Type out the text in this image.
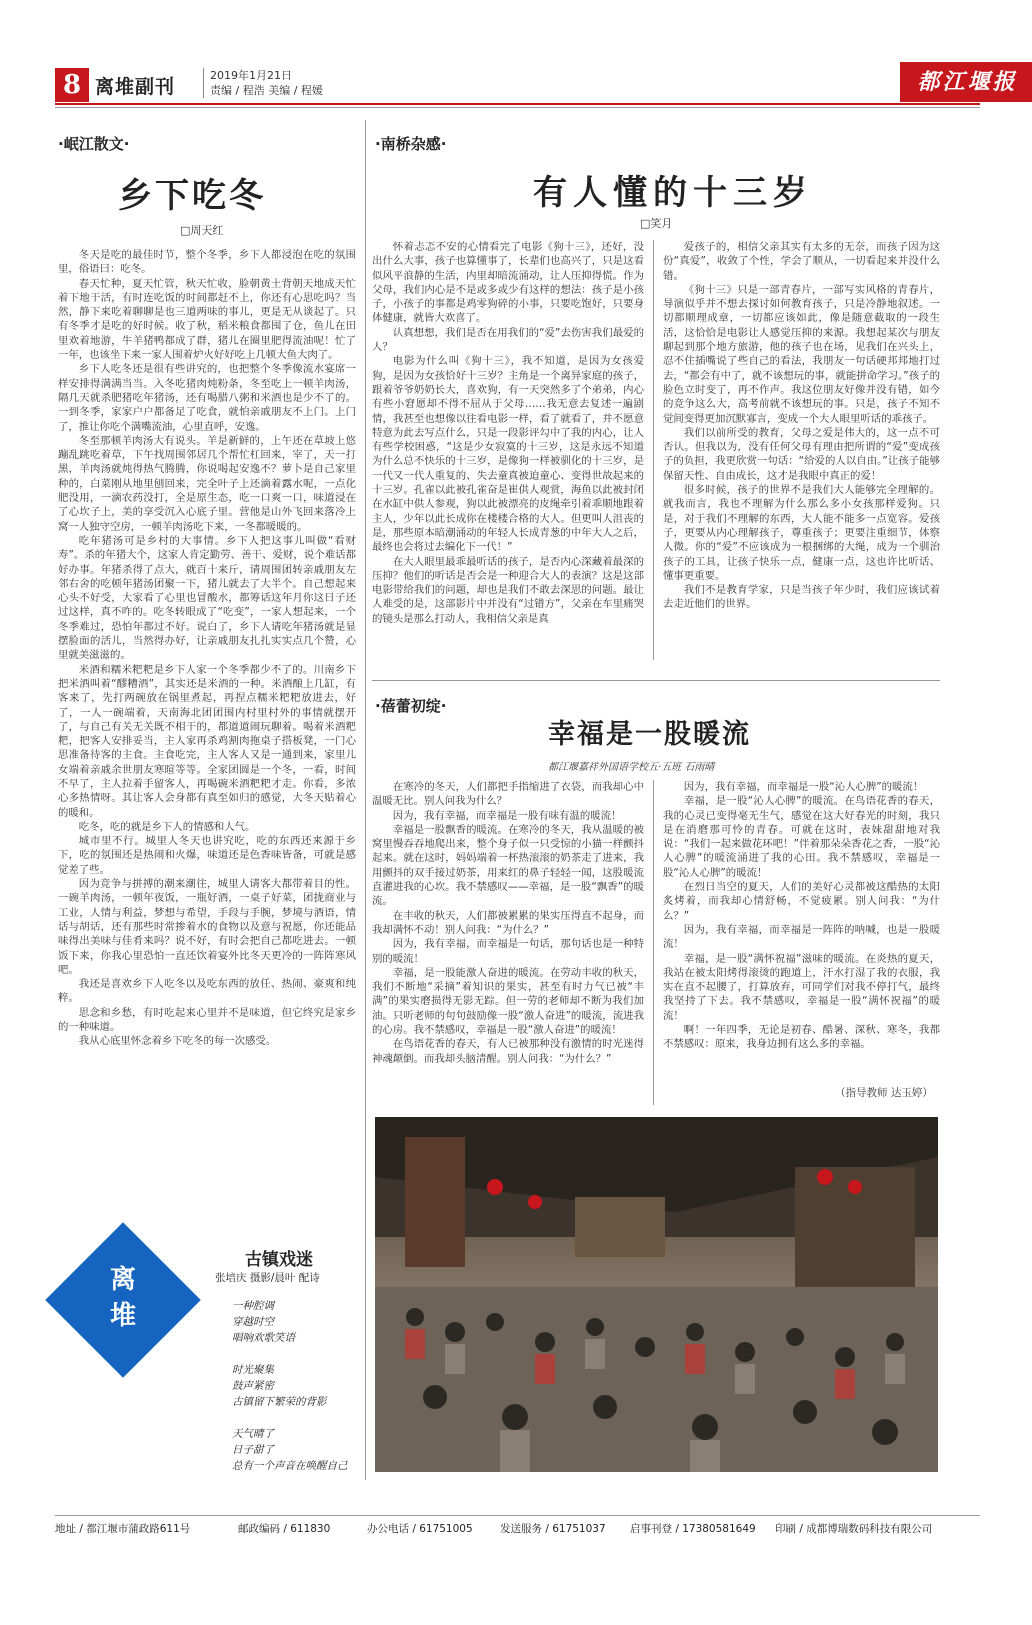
8 离堆副刊
2019年1月21日
责编 / 程浩 美编 / 程媛	都江堰报
·岷江散文·
乡下吃冬
□周天红

冬天是吃的最佳时节，整个冬季，乡下人都浸泡在吃的氛围里，俗语曰：吃冬。

春天忙种，夏天忙管，秋天忙收，脸朝黄土背朝天地成天忙着下地干活，有时连吃饭的时间都赶不上，你还有心思吃吗？当然，静下来吃着聊聊是也三道两味的事儿，更是无从谈起了。只有冬季才是吃的好时候。收了秋，稻米粮食都囤了仓，鱼儿在田里欢着地游，牛羊猪鸭都成了群，猪儿在圈里肥得流油呢！忙了一年，也该坐下来一家人围着炉火好好吃上几顿大鱼大肉了。

乡下人吃冬还是很有些讲究的，也把整个冬季像流水宴席一样安排得满满当当。入冬吃猪肉炖粉条，冬至吃上一顿羊肉汤，隔几天就杀肥猪吃年猪汤，还有喝腊八粥和米酒也是少不了的。一到冬季，家家户户都备足了吃食，就怕亲戚朋友不上门。上门了，推让你吃个满嘴流油，心里直呼，安逸。

冬至那顿羊肉汤大有说头。羊是新鲜的，上午还在草坡上悠蹦乱跳吃着草，下午找周围邻居几个帮忙杠回来，宰了，天一打黑，羊肉汤就炖得热气腾腾，你说喝起安逸不？萝卜是自己家里种的，白菜刚从地里刨回来，完全叶子上还滴着露水呢，一点化肥没用，一滴农药没打，全是原生态，吃一口爽一口，味道浸在了心坎子上，美的享受沉入心底子里。营他是山外飞回来落冷上窝一人独守空房，一顿羊肉汤吃下来，一冬都暖暖的。

吃年猪汤可是乡村的大事情。乡下人把这事儿叫做“看财寿”。杀的年猪大个，这家人肯定勤劳、善干、爱财，说个难话都好办事。年猪杀得了点大，就百十来斤，请周围团转亲戚朋友左邻右舍的吃顿年猪汤团聚一下，猪儿就去了大半个。自己想起来心头不好受，大家看了心里也冒酸水，都筹话这年月你这日子还过这样，真不咋的。吃冬转眼成了“吃变”，一家人想起来，一个冬季难过，恐怕年都过不好。说白了，乡下人请吃年猪汤就是显摆脸面的活儿，当然得办好，让亲戚朋友扎扎实实点几个赞，心里就美滋滋的。

米酒和糯米粑粑是乡下人家一个冬季都少不了的。川南乡下把米酒叫着“醪糟酒”，其实还是米酒的一种。米酒酿上几缸，有客来了，先打两碗放在锅里煮起，再捏点糯米粑粑放进去，好了，一人一碗端着，天南海北团团围内村里村外的事情就摆开了，与自己有关无关既不相干的，都道道闹玩聊着。喝着米酒粑粑，把客人安排妥当，主人家再杀鸡割肉拖桌子搭板凳，一门心思准备待客的主食。主食吃完，主人客人又是一通到来，家里儿女端着亲戚余世朋友寒暄等等。全家团圆是一个冬，一看，时间不早了，主人拉着手留客人，再喝碗米酒粑粑才走。你看，多浓心多热情呀。其让客人会身都有真至如归的感觉，大冬天贴着心的暖和。

吃冬，吃的就是乡下人的情感和人气。

城市里不行。城里人冬天也讲究吃，吃的东西还来源于乡下，吃的氛围还是热闹和火爆，味道还是色香味皆备，可就是感觉差了些。

因为竞争与拼搏的潮来潮往，城里人请客大都带着目的性。一碗羊肉汤，一顿年夜饭，一瓶好酒，一桌子好菜，团拢商业与工业，人情与利益，梦想与希望，手段与手腕，梦境与酒语，情话与胡话，还有那些时常掺着水的食物以及意与祝愿，你还能品味得出美味与佳肴来吗？说不好，有时会把自己都吃进去。一顿饭下来，你我心里恐怕一直还饮着宴外比冬天更冷的一阵阵寒风吧。

我还是喜欢乡下人吃冬以及吃东西的放任、热闹、豪爽和纯粹。

思念和乡愁，有时吃起来心里并不是味道，但它终究是家乡的一种味道。

我从心底里怀念着乡下吃冬的每一次感受。

·南桥杂感·
有人懂的十三岁
□笑月

怀着忐忑不安的心情看完了电影《狗十三》，还好，没出什么大事，孩子也算懂事了，长辈们也高兴了，只是这看似风平浪静的生活，内里却暗流涌动，让人压抑得慌。作为父母，我们内心是不是或多或少有这样的想法：孩子是小孩子，小孩子的事都是鸡零狗碎的小事，只要吃饱好，只要身体健康，就皆大欢喜了。

认真想想，我们是否在用我们的“爱”去伤害我们最爱的人？

电影为什么叫《狗十三》，我不知道，是因为女孩爱狗，是因为女孩恰好十三岁？主角是一个离异家庭的孩子，跟着爷爷奶奶长大，喜欢狗，有一天突然多了个弟弟，内心有些小窘愿却不得不屈从于父母……我无意去复述一遍剧情，我甚至也想像以往看电影一样，看了就看了，并不愿意特意为此去写点什么，只是一段影评勾中了我的内心，让人有些学校困惑，“这是少女寂寞的十三岁，这是永远不知道为什么总不快乐的十三岁，是像狗一样被驯化的十三岁，是一代又一代人重复的、失去童真被迫童心、变得世故起来的十三岁。孔雀以此被孔雀奋是崔供人观赏，海鱼以此被封闭在水缸中供人参观，狗以此被漂亮的皮绳牵引着乖顺地跟着主人，少年以此长成你在楼楼合格的大人。但更叫人沮丧的是，那些原本暗潮涌动的年轻人长成青葱的中年大人之后，最终也会将过去编化下一代！”

在大人眼里最乖最听话的孩子，是否内心深藏着最深的压抑？他们的听话是否会是一种迎合大人的表演？这是这部电影带给我们的问题，却也是我们不敢去深思的问题。最让人难受的是，这部影片中并没有“过错方”，父亲在车里痛哭的镜头是那么打动人，我相信父亲是真

爱孩子的，相信父亲其实有太多的无奈，而孩子因为这份“真爱”，收敛了个性，学会了顺从，一切看起来并没什么错。

《狗十三》只是一部青春片，一部写实风格的青春片，导演似乎并不想去探讨如何教育孩子，只是冷静地叙述。一切都顺理成章，一切都应该如此，像是随意截取的一段生活，这恰恰是电影让人感觉压抑的来源。我想起某次与朋友聊起到那个地方旅游，他的孩子也在场，见我们在兴头上，忍不住插嘴说了些自己的看法，我朋友一句话硬邦邦地打过去，“都会有中了，就不该想玩的事，就能拼命学习。”孩子的脸色立时变了，再不作声。我这位朋友好像并没有错，如今的竞争这么大，高考前就不该想玩的事。只是，孩子不知不觉间变得更加沉默寡言，变成一个大人眼里听话的乖孩子。

我们以前所受的教育，父母之爱是伟大的，这一点不可否认。但我以为，没有任何父母有理由把所谓的“爱”变成孩子的负担，我更欣赏一句话：“给爱的人以自由。”让孩子能够保留天性、自由成长，这才是我眼中真正的爱！

很多时候，孩子的世界不是我们大人能够完全理解的。就我而言，我也不理解为什么那么多小女孩那样爱狗。只是，对于我们不理解的东西，大人能不能多一点宽容。爱孩子，更要从内心理解孩子，尊重孩子；更要注重细节，体察人微。你的“爱”不应该成为一根捆绑的大绳，成为一个驯治孩子的工具，让孩子快乐一点，健康一点，这也许比听话、懂事更重要。

我们不是教育学家，只是当孩子年少时，我们应该试着去走近他们的世界。

·蓓蕾初绽·
幸福是一股暖流
都江堰嘉祥外国语学校五·五班 石雨晴

在寒冷的冬天，人们都把手指缩进了衣袋，而我却心中温暖无比。别人问我为什么？

因为，我有幸福，而幸福是一股有味有温的暖流！

幸福是一股飘香的暖流。在寒冷的冬天，我从温暖的被窝里慢吞吞地爬出来，整个身子似一只受惊的小猫一样颤抖起来。就在这时，妈妈端着一杯热滚滚的奶茶走了进来，我用颤抖的双手接过奶茶，用来红的鼻子轻轻一闻，这股暖流直灌进我的心坎。我不禁感叹——幸福，是一股“飘香”的暖流。

在丰收的秋天，人们都被累累的果实压得直不起身，而我却满怀不动！别人问我：“为什么？”

因为，我有幸福，而幸福是一句话，那句话也是一种特别的暖流！

幸福，是一股能激人奋进的暖流。在劳动丰收的秋天，我们不断地“采摘”着知识的果实，甚至有时力气已被“丰满”的果实磨损得无影无踪。但一劳的老师却不断为我们加油。只听老师的句句鼓励像一股“激人奋进”的暖流，流进我的心房。我不禁感叹，幸福是一股“激人奋进”的暖流！

在鸟语花香的春天，有人已被那种没有激情的时光迷得神魂颠倒。而我却头脑清醒。别人问我：“为什么？”

因为，我有幸福，而幸福是一股“沁人心脾”的暖流！

幸福，是一股“沁人心脾”的暖流。在鸟语花香的春天，我的心灵已变得毫无生气，感觉在这大好春光的时刻，我只是在消磨那可怜的青春。可就在这时，表妹甜甜地对我说：“我们一起来做花环吧！”伴着那朵朵香花之香，一股“沁人心脾”的暖流涌进了我的心田。我不禁感叹，幸福是一股“沁人心脾”的暖流！

在烈日当空的夏天，人们的美好心灵都被这酷热的太阳炙烤着，而我却心情舒畅，不觉疲累。别人问我：“为什么？”

因为，我有幸福，而幸福是一阵阵的呐喊，也是一股暖流！

幸福，是一股“满怀祝福”滋味的暖流。在炎热的夏天，我站在被太阳烤得滚烫的跑道上，汗水打湿了我的衣服，我实在直不起腰了，打算放弃，可同学们对我不停打气，最终我坚持了下去。我不禁感叹，幸福是一股“满怀祝福”的暖流！

啊！一年四季，无论是初春、酷暑、深秋、寒冬，我都不禁感叹：原来，我身边拥有这么多的幸福。

（指导教师 达玉婷）
离堆
古镇戏迷
张培庆 摄影/晨叶 配诗
一种腔调
穿越时空
唱响欢歌笑语
时光聚集
鼓声紧密
古镇留下繁荣的背影
天气晴了
日子甜了
总有一个声音在唤醒自己
地址 / 都江堰市蒲政路611号	邮政编码 / 611830	办公电话 / 61751005	发送服务 / 61751037 启事刊登 / 17380581649 印刷 / 成都博瑞数码科技有限公司
